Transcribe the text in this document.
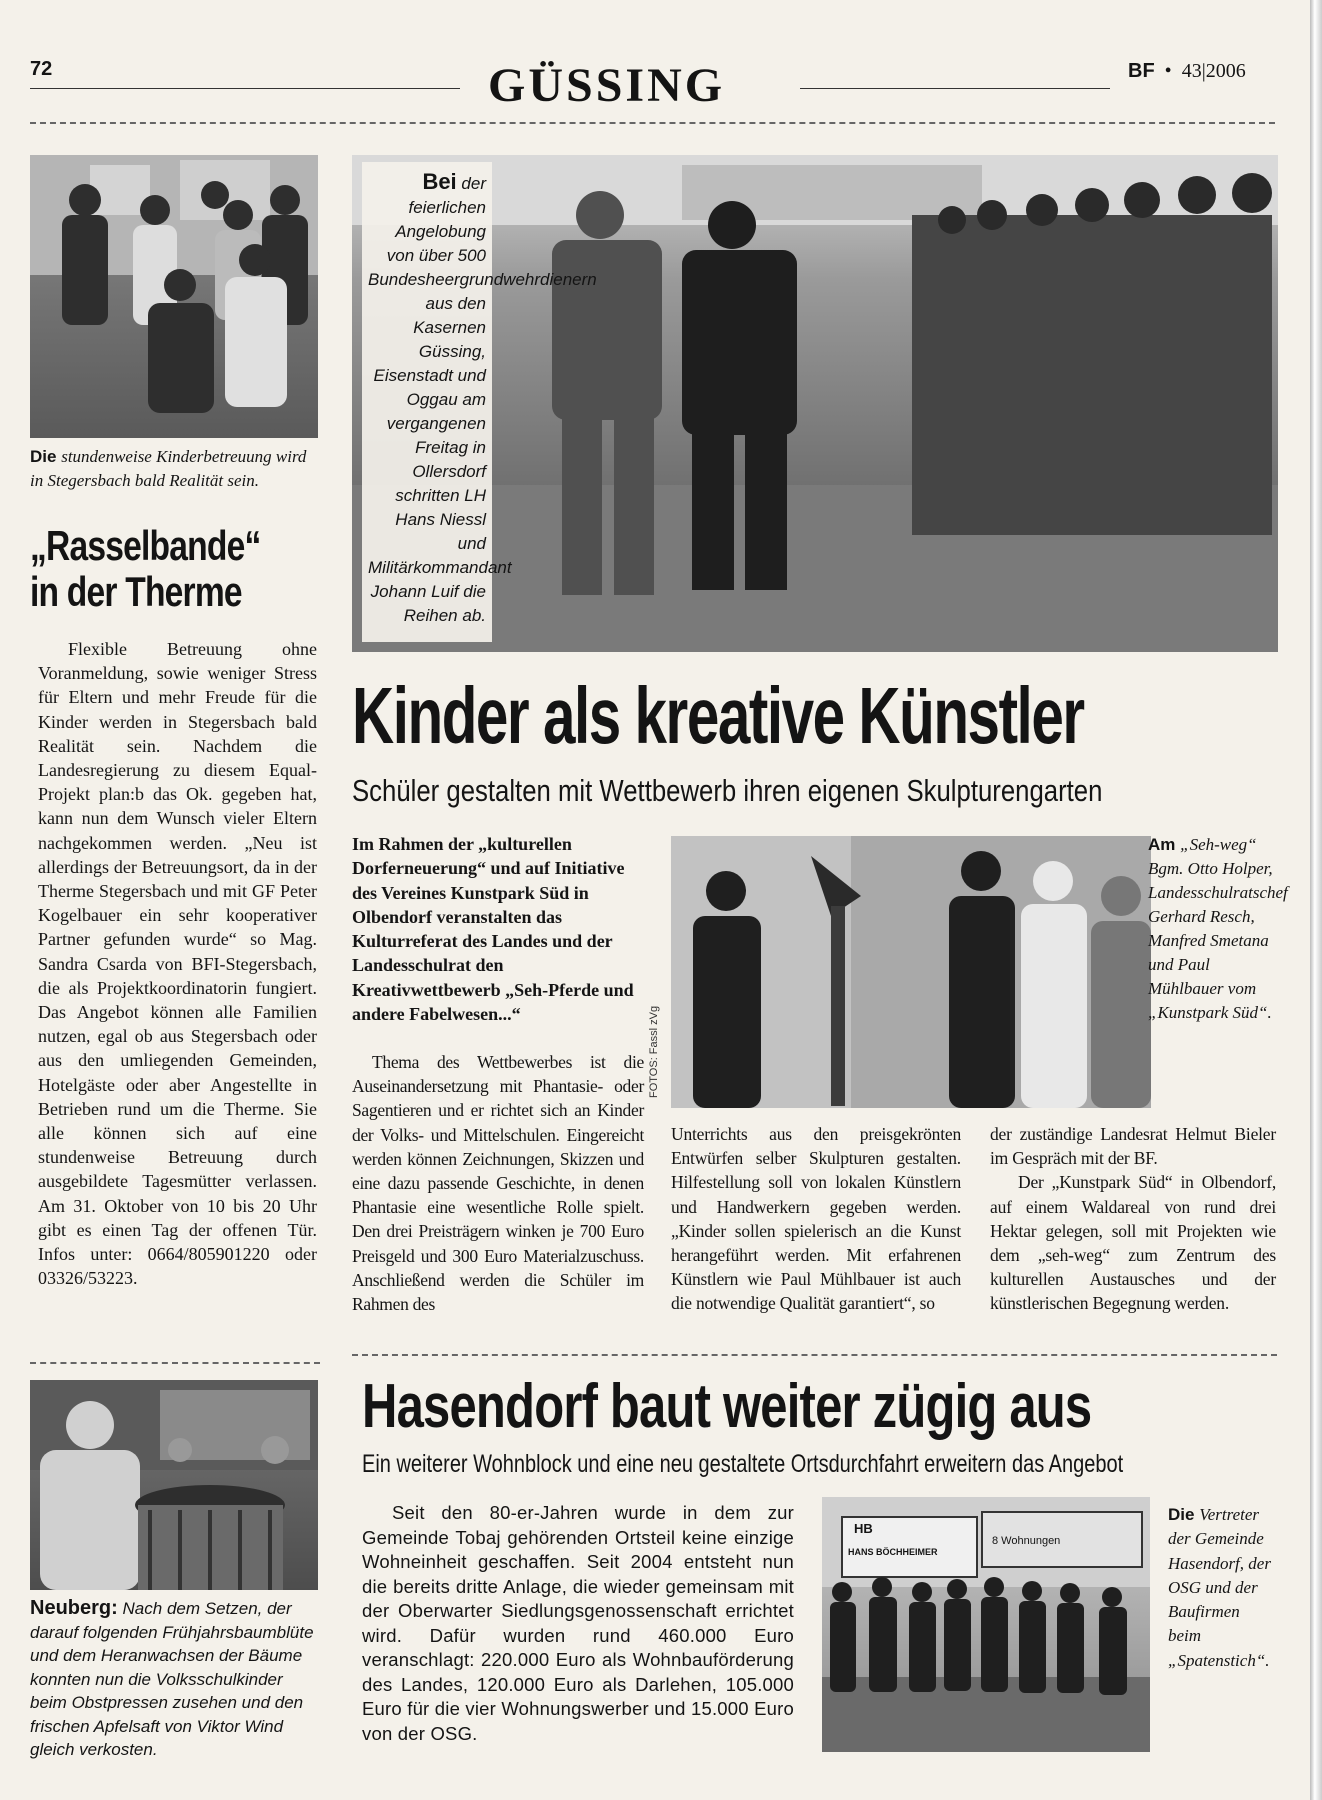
72	GÜSSING	BF • 43|2006
Die stundenweise Kinderbetreuung wird in Stegersbach bald Realität sein.
„Rasselbande“
in der Therme
Flexible Betreuung ohne Voranmeldung, sowie weniger Stress für Eltern und mehr Freude für die Kinder werden in Stegersbach bald Realität sein. Nachdem die Landesregierung zu diesem Equal-Projekt plan:b das Ok. gegeben hat, kann nun dem Wunsch vieler Eltern nachgekommen werden. „Neu ist allerdings der Betreuungsort, da in der Therme Stegersbach und mit GF Peter Kogelbauer ein sehr kooperativer Partner gefunden wurde“ so Mag. Sandra Csarda von BFI-Stegersbach, die als Projektkoordinatorin fungiert. Das Angebot können alle Familien nutzen, egal ob aus Stegersbach oder aus den umliegenden Gemeinden, Hotelgäste oder aber Angestellte in Betrieben rund um die Therme. Sie alle können sich auf eine stundenweise Betreuung durch ausgebildete Tagesmütter verlassen. Am 31. Oktober von 10 bis 20 Uhr gibt es einen Tag der offenen Tür. Infos unter: 0664/805901220 oder 03326/53223.
Bei der feierlichen Angelobung von über 500 Bundesheergrundwehrdienern aus den Kasernen Güssing, Eisenstadt und Oggau am vergangenen Freitag in Ollersdorf schritten LH Hans Niessl und Militärkommandant Johann Luif die Reihen ab.
Kinder als kreative Künstler
Schüler gestalten mit Wettbewerb ihren eigenen Skulpturengarten
Im Rahmen der „kulturellen Dorferneuerung“ und auf Initiative des Vereines Kunstpark Süd in Olbendorf veranstalten das Kulturreferat des Landes und der Landesschulrat den Kreativwettbewerb „Seh-Pferde und andere Fabelwesen...“
Thema des Wettbewerbes ist die Auseinandersetzung mit Phantasie- oder Sagentieren und er richtet sich an Kinder der Volks- und Mittelschulen. Eingereicht werden können Zeichnungen, Skizzen und eine dazu passende Geschichte, in denen Phantasie eine wesentliche Rolle spielt. Den drei Preisträgern winken je 700 Euro Preisgeld und 300 Euro Materialzuschuss. Anschließend werden die Schüler im Rahmen des
FOTOS: Fassl zVg
Am „Seh-weg“ Bgm. Otto Holper, Landesschulratschef Gerhard Resch, Manfred Smetana und Paul Mühlbauer vom „Kunstpark Süd“.
Unterrichts aus den preisgekrönten Entwürfen selber Skulpturen gestalten. Hilfestellung soll von lokalen Künstlern und Handwerkern gegeben werden. „Kinder sollen spielerisch an die Kunst herangeführt werden. Mit erfahrenen Künstlern wie Paul Mühlbauer ist auch die notwendige Qualität garantiert“, so
der zuständige Landesrat Helmut Bieler im Gespräch mit der BF.
Der „Kunstpark Süd“ in Olbendorf, auf einem Waldareal von rund drei Hektar gelegen, soll mit Projekten wie dem „seh-weg“ zum Zentrum des kulturellen Austausches und der künstlerischen Begegnung werden.
Neuberg: Nach dem Setzen, der darauf folgenden Frühjahrsbaumblüte und dem Heranwachsen der Bäume konnten nun die Volksschulkinder beim Obstpressen zusehen und den frischen Apfelsaft von Viktor Wind gleich verkosten.
Hasendorf baut weiter zügig aus
Ein weiterer Wohnblock und eine neu gestaltete Ortsdurchfahrt erweitern das Angebot
Seit den 80-er-Jahren wurde in dem zur Gemeinde Tobaj gehörenden Ortsteil keine einzige Wohneinheit geschaffen. Seit 2004 entsteht nun die bereits dritte Anlage, die wieder gemeinsam mit der Oberwarter Siedlungsgenossenschaft errichtet wird. Dafür wurden rund 460.000 Euro veranschlagt: 220.000 Euro als Wohnbauförderung des Landes, 120.000 Euro als Darlehen, 105.000 Euro für die vier Wohnungswerber und 15.000 Euro von der OSG.
HB
HANS BÖCHHEIMER
8 Wohnungen
Die Vertreter der Gemeinde Hasendorf, der OSG und der Baufirmen beim „Spatenstich“.
